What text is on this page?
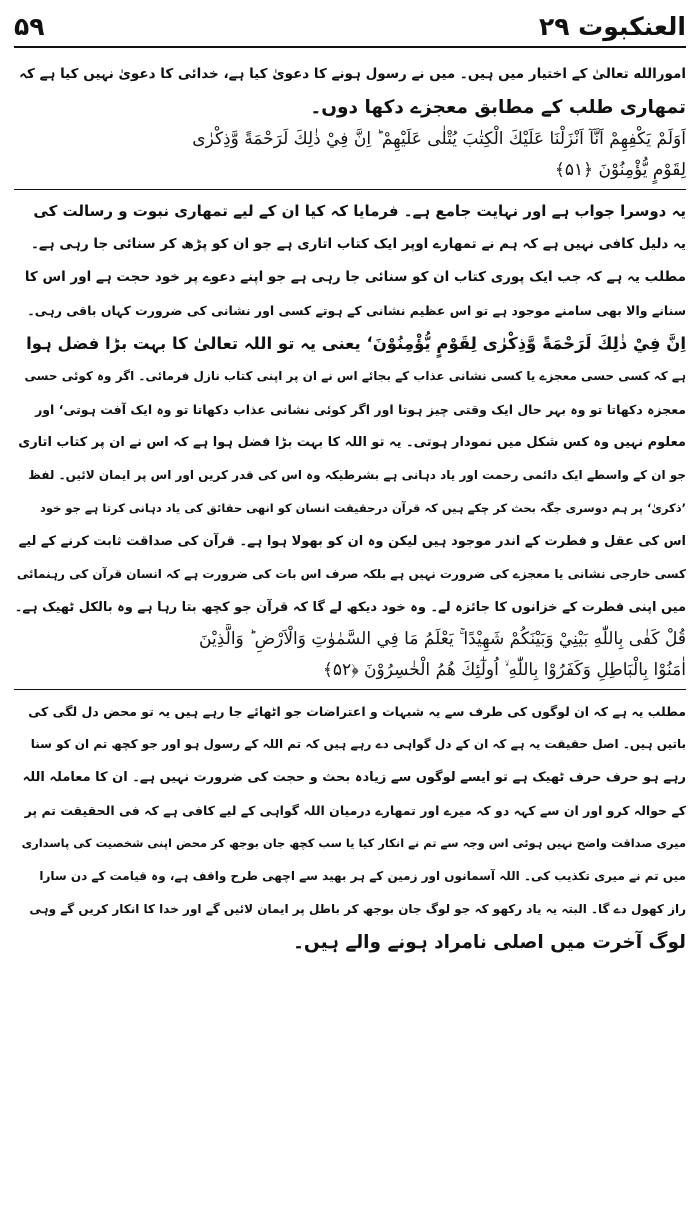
۵۹	العنکبوت ۲۹
امورالله تعالیٰ کے اختیار میں ہیں۔ میں نے رسول ہونے کا دعویٰ کیا ہے، خدائی کا دعویٰ نہیں کیا ہے کہ
تمھاری طلب کے مطابق معجزے دکھا دوں۔
اَوَلَمْ يَكْفِهِمْ اَنَّآ اَنْزَلْنَا عَلَيْكَ الْكِتٰبَ يُتْلٰى عَلَيْهِمْ ؕ اِنَّ فِيْ ذٰلِكَ لَرَحْمَةً وَّذِكْرٰى
لِقَوْمٍ يُّؤْمِنُوْنَ ﴿۵۱﴾
یہ دوسرا جواب ہے اور نہایت جامع ہے۔ فرمایا کہ کیا ان کے لیے تمھاری نبوت و رسالت کی
یہ دلیل کافی نہیں ہے کہ ہم نے تمھارے اوپر ایک کتاب اتاری ہے جو ان کو پڑھ کر سنائی جا رہی ہے۔
مطلب یہ ہے کہ جب ایک پوری کتاب ان کو سنائی جا رہی ہے جو اپنے دعوے پر خود حجت ہے اور اس کا
سنانے والا بھی سامنے موجود ہے تو اس عظیم نشانی کے ہوتے کسی اور نشانی کی ضرورت کہاں باقی رہی۔
اِنَّ فِيْ ذٰلِكَ لَرَحْمَةً وَّذِكْرٰى لِقَوْمٍ يُّؤْمِنُوْنَ‘ یعنی یہ تو اللہ تعالیٰ کا بہت بڑا فضل ہوا
ہے کہ کسی حسی معجزے یا کسی نشانی عذاب کے بجائے اس نے ان پر اپنی کتاب نازل فرمائی۔ اگر وہ کوئی حسی
معجزہ دکھاتا تو وہ بہر حال ایک وقتی چیز ہوتا اور اگر کوئی نشانی عذاب دکھاتا تو وہ ایک آفت ہوتی‘ اور
معلوم نہیں وہ کس شکل میں نمودار ہوتی۔ یہ تو اللہ کا بہت بڑا فضل ہوا ہے کہ اس نے ان پر کتاب اتاری
جو ان کے واسطے ایک دائمی رحمت اور یاد دہانی ہے بشرطیکہ وہ اس کی قدر کریں اور اس پر ایمان لائیں۔ لفظ
’ذکریٰ‘ پر ہم دوسری جگہ بحث کر چکے ہیں کہ قرآن درحقیقت انسان کو انھی حقائق کی یاد دہانی کرتا ہے جو خود
اس کی عقل و فطرت کے اندر موجود ہیں لیکن وہ ان کو بھولا ہوا ہے۔ قرآن کی صداقت ثابت کرنے کے لیے
کسی خارجی نشانی یا معجزے کی ضرورت نہیں ہے بلکہ صرف اس بات کی ضرورت ہے کہ انسان قرآن کی رہنمائی
میں اپنی فطرت کے خزانوں کا جائزہ لے۔ وہ خود دیکھ لے گا کہ قرآن جو کچھ بتا رہا ہے وہ بالکل ٹھیک ہے۔
قُلْ كَفٰى بِاللّٰهِ بَيْنِيْ وَبَيْنَكُمْ شَهِيْدًا ۚ يَعْلَمُ مَا فِي السَّمٰوٰتِ وَالْاَرْضِ ؕ وَالَّذِيْنَ
اٰمَنُوْا بِالْبَاطِلِ وَكَفَرُوْا بِاللّٰهِ ۙ اُولٰٓئِكَ هُمُ الْخٰسِرُوْنَ ﴿۵۲﴾
مطلب یہ ہے کہ ان لوگوں کی طرف سے یہ شبہات و اعتراضات جو اٹھائے جا رہے ہیں یہ تو محض دل لگی کی
باتیں ہیں۔ اصل حقیقت یہ ہے کہ ان کے دل گواہی دے رہے ہیں کہ تم اللہ کے رسول ہو اور جو کچھ تم ان کو سنا
رہے ہو حرف حرف ٹھیک ہے تو ایسے لوگوں سے زیادہ بحث و حجت کی ضرورت نہیں ہے۔ ان کا معاملہ اللہ
کے حوالہ کرو اور ان سے کہہ دو کہ میرے اور تمھارے درمیان اللہ گواہی کے لیے کافی ہے کہ فی الحقیقت تم پر
میری صداقت واضح نہیں ہوئی اس وجہ سے تم نے انکار کیا یا سب کچھ جان بوجھ کر محض اپنی شخصیت کی پاسداری
میں تم نے میری تکذیب کی۔ اللہ آسمانوں اور زمین کے ہر بھید سے اچھی طرح واقف ہے، وہ قیامت کے دن سارا
راز کھول دے گا۔ البتہ یہ یاد رکھو کہ جو لوگ جان بوجھ کر باطل پر ایمان لائیں گے اور خدا کا انکار کریں گے وہی
لوگ آخرت میں اصلی نامراد ہونے والے ہیں۔
